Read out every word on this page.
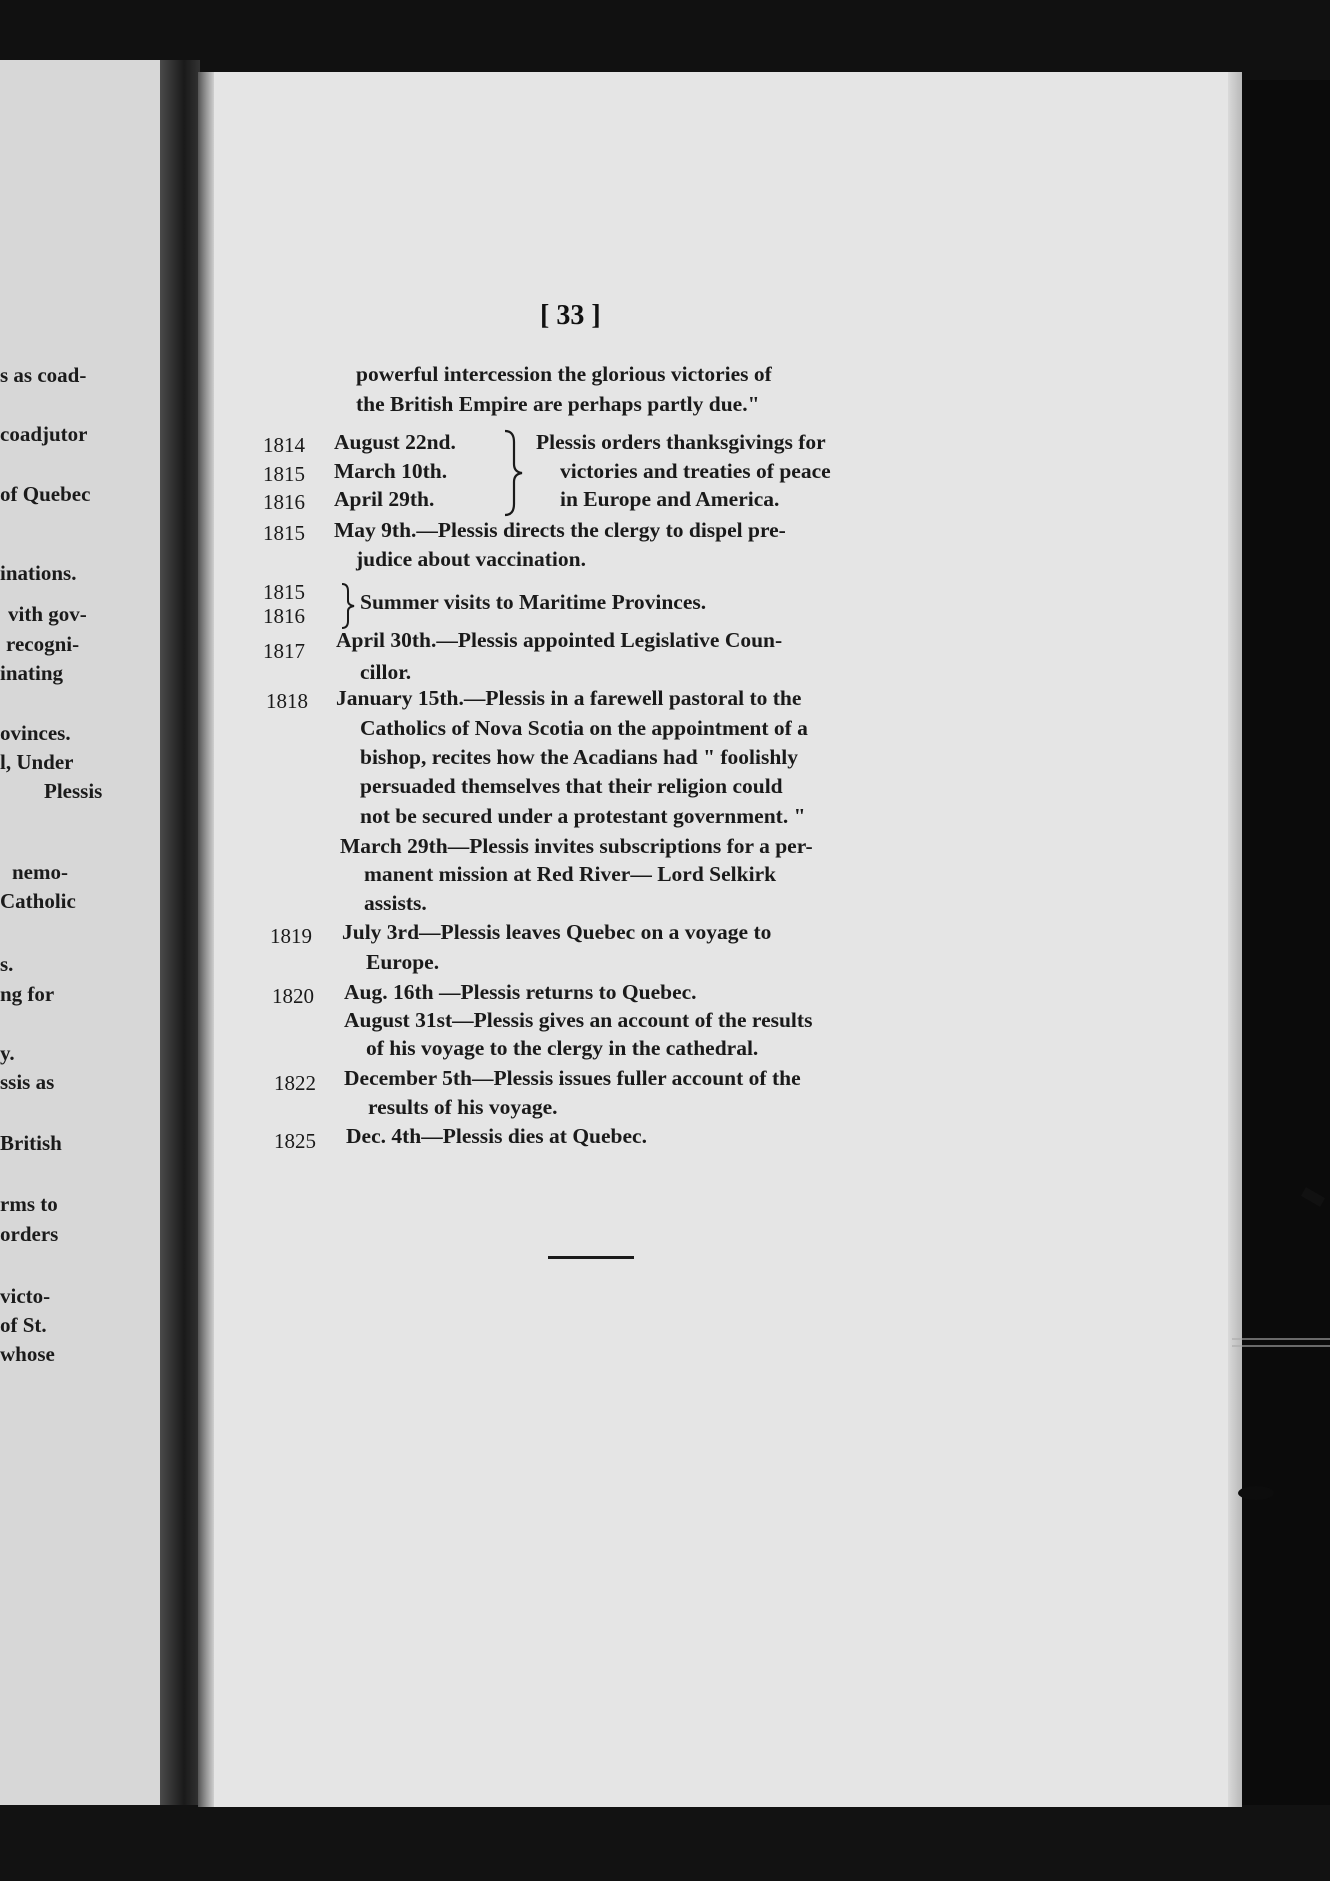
s as coad-
coadjutor
of Quebec
inations.
vith gov-
recogni-
inating
ovinces.
l, Under
Plessis
nemo-
Catholic
s.
ng for
y.
ssis as
British
rms to
orders
victo-
of St.
whose
[ 33 ]
powerful intercession the glorious victories of
the British Empire are perhaps partly due."
1814
1815
1816
August 22nd.
March 10th.
April 29th.
Plessis orders thanksgivings for
victories and treaties of peace
in Europe and America.
1815 May 9th.—Plessis directs the clergy to dispel pre-
judice about vaccination.
1815
1816
Summer visits to Maritime Provinces.
1817 April 30th.—Plessis appointed Legislative Coun-
cillor.
1818 January 15th.—Plessis in a farewell pastoral to the
Catholics of Nova Scotia on the appointment of a
bishop, recites how the Acadians had " foolishly
persuaded themselves that their religion could
not be secured under a protestant government. "
March 29th—Plessis invites subscriptions for a per-
manent mission at Red River— Lord Selkirk
assists.
1819 July 3rd—Plessis leaves Quebec on a voyage to
Europe.
1820 Aug. 16th —Plessis returns to Quebec.
August 31st—Plessis gives an account of the results
of his voyage to the clergy in the cathedral.
1822 December 5th—Plessis issues fuller account of the
results of his voyage.
1825 Dec. 4th—Plessis dies at Quebec.
